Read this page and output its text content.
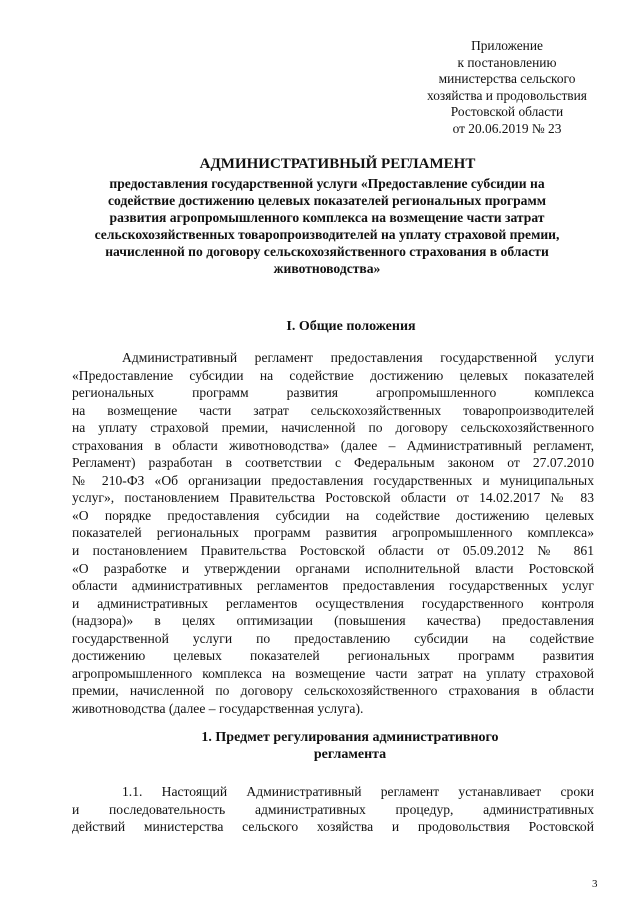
Приложение
к постановлению
министерства сельского
хозяйства и продовольствия
Ростовской области
от 20.06.2019 № 23
АДМИНИСТРАТИВНЫЙ РЕГЛАМЕНТ
предоставления государственной услуги «Предоставление субсидии на
содействие достижению целевых показателей региональных программ
развития агропромышленного комплекса на возмещение части затрат
сельскохозяйственных товаропроизводителей на уплату страховой премии,
начисленной по договору сельскохозяйственного страхования в области
животноводства»
I. Общие положения
Административный регламент предоставления государственной услуги
«Предоставление субсидии на содействие достижению целевых показателей
региональных программ развития агропромышленного комплекса
на возмещение части затрат сельскохозяйственных товаропроизводителей
на уплату страховой премии, начисленной по договору сельскохозяйственного
страхования в области животноводства» (далее – Административный регламент,
Регламент) разработан в соответствии с Федеральным законом от 27.07.2010
№ 210-ФЗ «Об организации предоставления государственных и муниципальных
услуг», постановлением Правительства Ростовской области от 14.02.2017 № 83
«О порядке предоставления субсидии на содействие достижению целевых
показателей региональных программ развития агропромышленного комплекса»
и постановлением Правительства Ростовской области от 05.09.2012 № 861
«О разработке и утверждении органами исполнительной власти Ростовской
области административных регламентов предоставления государственных услуг
и административных регламентов осуществления государственного контроля
(надзора)» в целях оптимизации (повышения качества) предоставления
государственной услуги по предоставлению субсидии на содействие
достижению целевых показателей региональных программ развития
агропромышленного комплекса на возмещение части затрат на уплату страховой
премии, начисленной по договору сельскохозяйственного страхования в области
животноводства (далее – государственная услуга).
1. Предмет регулирования административного
регламента
1.1. Настоящий Административный регламент устанавливает сроки
и последовательность административных процедур, административных
действий министерства сельского хозяйства и продовольствия Ростовской
3
